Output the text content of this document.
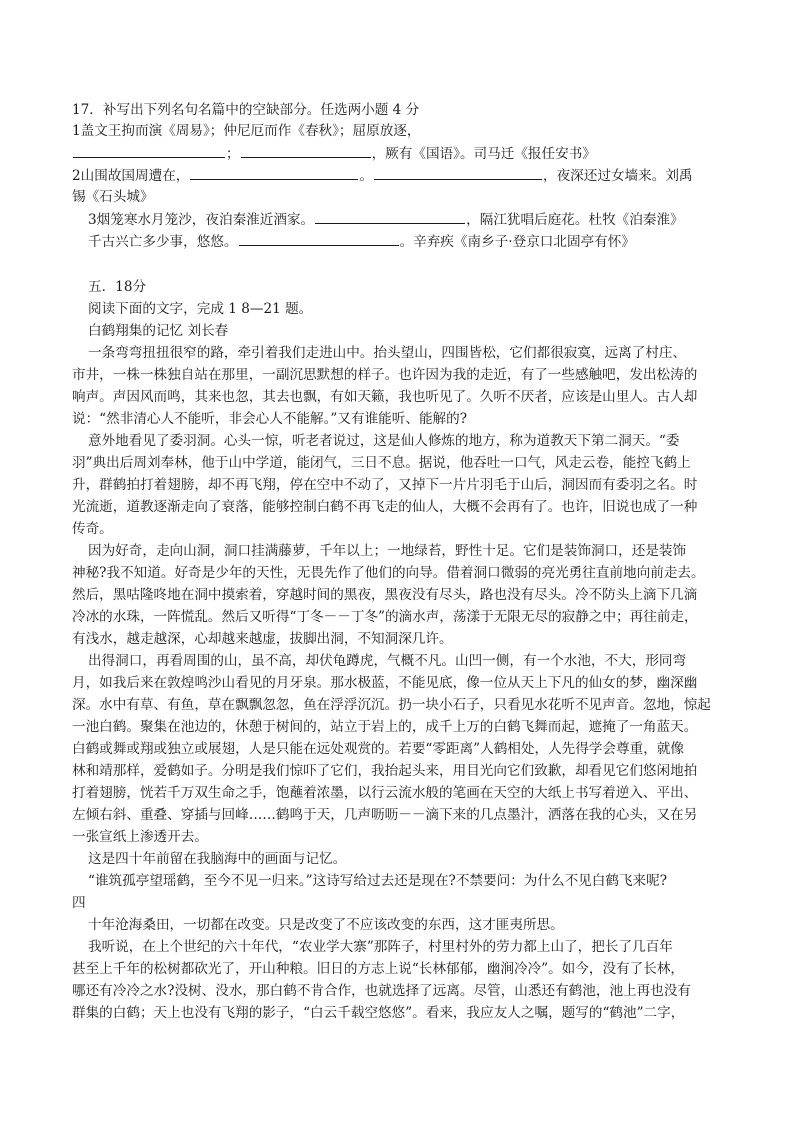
17．补写出下列名句名篇中的空缺部分。任选两小题 4 分
1盖文王拘而演《周易》；仲尼厄而作《春秋》；屈原放逐，
；	，厥有《国语》。司马迁《报任安书》
2山围故国周遭在，	。	，夜深还过女墙来。刘禹
锡《石头城》
3烟笼寒水月笼沙，夜泊秦淮近酒家。	，隔江犹唱后庭花。杜牧《泊秦淮》
千古兴亡多少事，悠悠。	。辛弃疾《南乡子·登京口北固亭有怀》
五．18分
阅读下面的文字，完成 1 8—21 题。
白鹤翔集的记忆 刘长春
一条弯弯扭扭很窄的路，牵引着我们走进山中。抬头望山，四围皆松，它们都很寂寞，远离了村庄、
市井，一株一株独自站在那里，一副沉思默想的样子。也许因为我的走近，有了一些感触吧，发出松涛的
响声。声因风而鸣，其来也忽，其去也飘，有如天籁，我也听见了。久听不厌者，应该是山里人。古人却
说：“然非清心人不能听，非会心人不能解。”又有谁能听、能解的?
意外地看见了委羽洞。心头一惊，听老者说过，这是仙人修炼的地方，称为道教天下第二洞天。“委
羽”典出后周刘奉林，他于山中学道，能闭气，三日不息。据说，他吞吐一口气，风走云卷，能控飞鹤上
升，群鹤拍打着翅膀，却不再飞翔，停在空中不动了，又掉下一片片羽毛于山后，洞因而有委羽之名。时
光流逝，道教逐渐走向了衰落，能够控制白鹤不再飞走的仙人，大概不会再有了。也许，旧说也成了一种
传奇。
因为好奇，走向山洞，洞口挂满藤萝，千年以上；一地绿苔，野性十足。它们是装饰洞口，还是装饰
神秘?我不知道。好奇是少年的天性，无畏先作了他们的向导。借着洞口微弱的亮光勇往直前地向前走去。
然后，黑咕隆咚地在洞中摸索着，穿越时间的黑夜，黑夜没有尽头，路也没有尽头。冷不防头上滴下几滴
冷冰的水珠，一阵慌乱。然后又听得“丁冬－－丁冬”的滴水声，荡漾于无限无尽的寂静之中；再往前走，
有浅水，越走越深，心却越来越虚，拔脚出洞，不知洞深几许。
出得洞口，再看周围的山，虽不高，却伏龟蹲虎，气概不凡。山凹一侧，有一个水池，不大，形同弯
月，如我后来在敦煌鸣沙山看见的月牙泉。那水极蓝，不能见底，像一位从天上下凡的仙女的梦，幽深幽
深。水中有草、有鱼，草在飘飘忽忽，鱼在浮浮沉沉。扔一块小石子，只看见水花听不见声音。忽地，惊起
一池白鹤。聚集在池边的，休憩于树间的，站立于岩上的，成千上万的白鹤飞舞而起，遮掩了一角蓝天。
白鹤或舞或翔或独立或展翅，人是只能在远处观赏的。若要“零距离”人鹤相处，人先得学会尊重，就像
林和靖那样，爱鹤如子。分明是我们惊吓了它们，我抬起头来，用目光向它们致歉，却看见它们悠闲地拍
打着翅膀，恍若千万双生命之手，饱蘸着浓墨，以行云流水般的笔画在天空的大纸上书写着逆入、平出、
左倾右斜、重叠、穿插与回峰……鹤鸣于天，几声呖呖－－滴下来的几点墨汁，洒落在我的心头，又在另
一张宣纸上渗透开去。
这是四十年前留在我脑海中的画面与记忆。
“谁筑孤亭望瑶鹤，至今不见一归来。”这诗写给过去还是现在?不禁要问：为什么不见白鹤飞来呢?
四
十年沧海桑田，一切都在改变。只是改变了不应该改变的东西，这才匪夷所思。
我听说，在上个世纪的六十年代，“农业学大寨”那阵子，村里村外的劳力都上山了，把长了几百年
甚至上千年的松树都砍光了，开山种粮。旧日的方志上说“长林郁郁，幽涧冷冷”。如今，没有了长林，
哪还有冷冷之水?没树、没水，那白鹤不肯合作，也就选择了远离。尽管，山悉还有鹤池，池上再也没有
群集的白鹤；天上也没有飞翔的影子，“白云千载空悠悠”。看来，我应友人之嘱，题写的“鹤池”二字，
